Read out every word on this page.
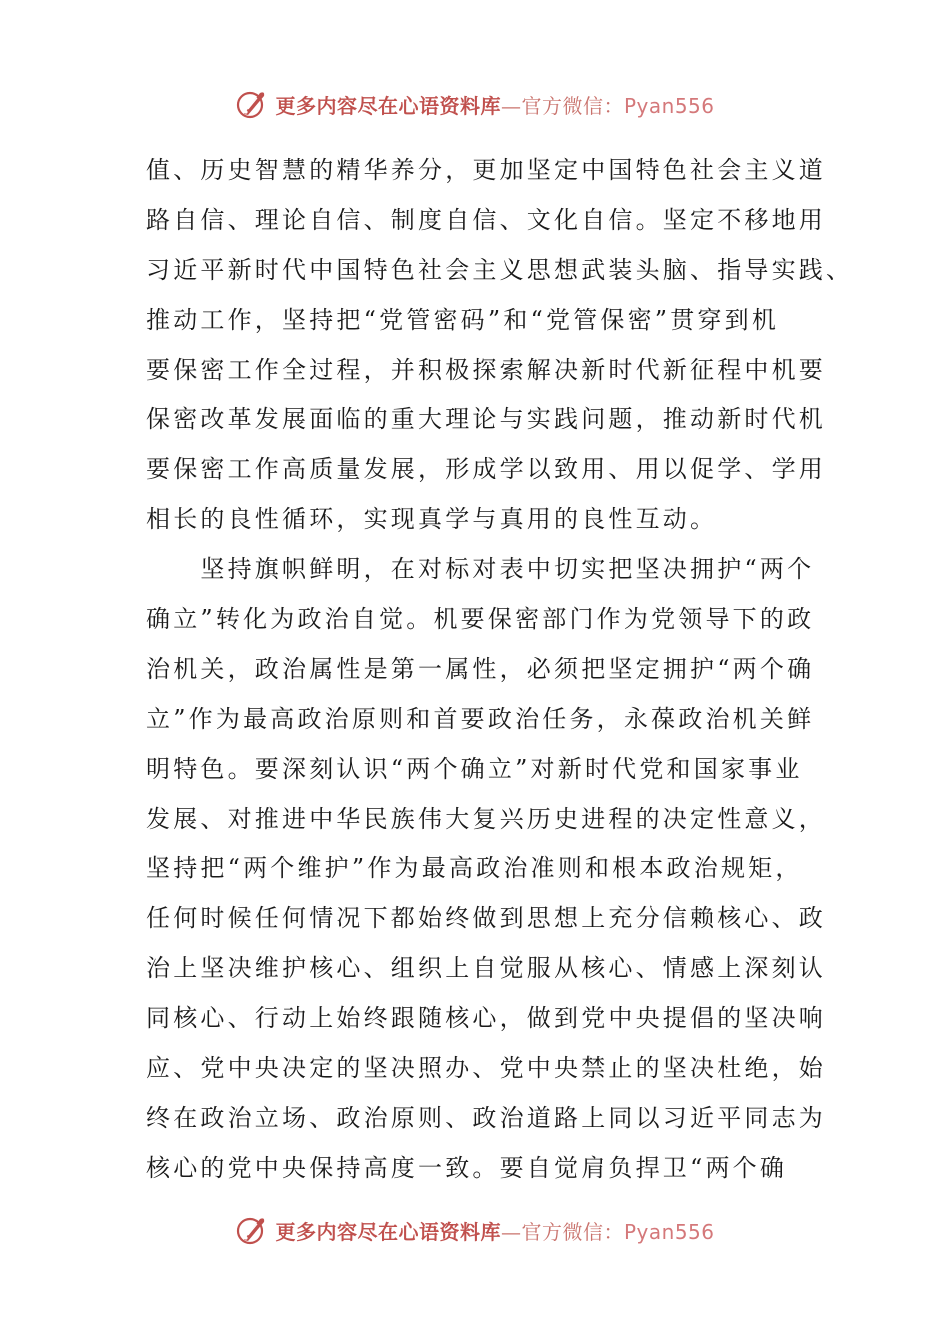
更多内容尽在心语资料库—官方微信：Pyan556
值、历史智慧的精华养分，更加坚定中国特色社会主义道
路自信、理论自信、制度自信、文化自信。坚定不移地用
习近平新时代中国特色社会主义思想武装头脑、指导实践、
推动工作，坚持把“党管密码”和“党管保密”贯穿到机
要保密工作全过程，并积极探索解决新时代新征程中机要
保密改革发展面临的重大理论与实践问题，推动新时代机
要保密工作高质量发展，形成学以致用、用以促学、学用
相长的良性循环，实现真学与真用的良性互动。
　　坚持旗帜鲜明，在对标对表中切实把坚决拥护“两个
确立”转化为政治自觉。机要保密部门作为党领导下的政
治机关，政治属性是第一属性，必须把坚定拥护“两个确
立”作为最高政治原则和首要政治任务，永葆政治机关鲜
明特色。要深刻认识“两个确立”对新时代党和国家事业
发展、对推进中华民族伟大复兴历史进程的决定性意义，
坚持把“两个维护”作为最高政治准则和根本政治规矩，
任何时候任何情况下都始终做到思想上充分信赖核心、政
治上坚决维护核心、组织上自觉服从核心、情感上深刻认
同核心、行动上始终跟随核心，做到党中央提倡的坚决响
应、党中央决定的坚决照办、党中央禁止的坚决杜绝，始
终在政治立场、政治原则、政治道路上同以习近平同志为
核心的党中央保持高度一致。要自觉肩负捍卫“两个确
更多内容尽在心语资料库—官方微信：Pyan556
